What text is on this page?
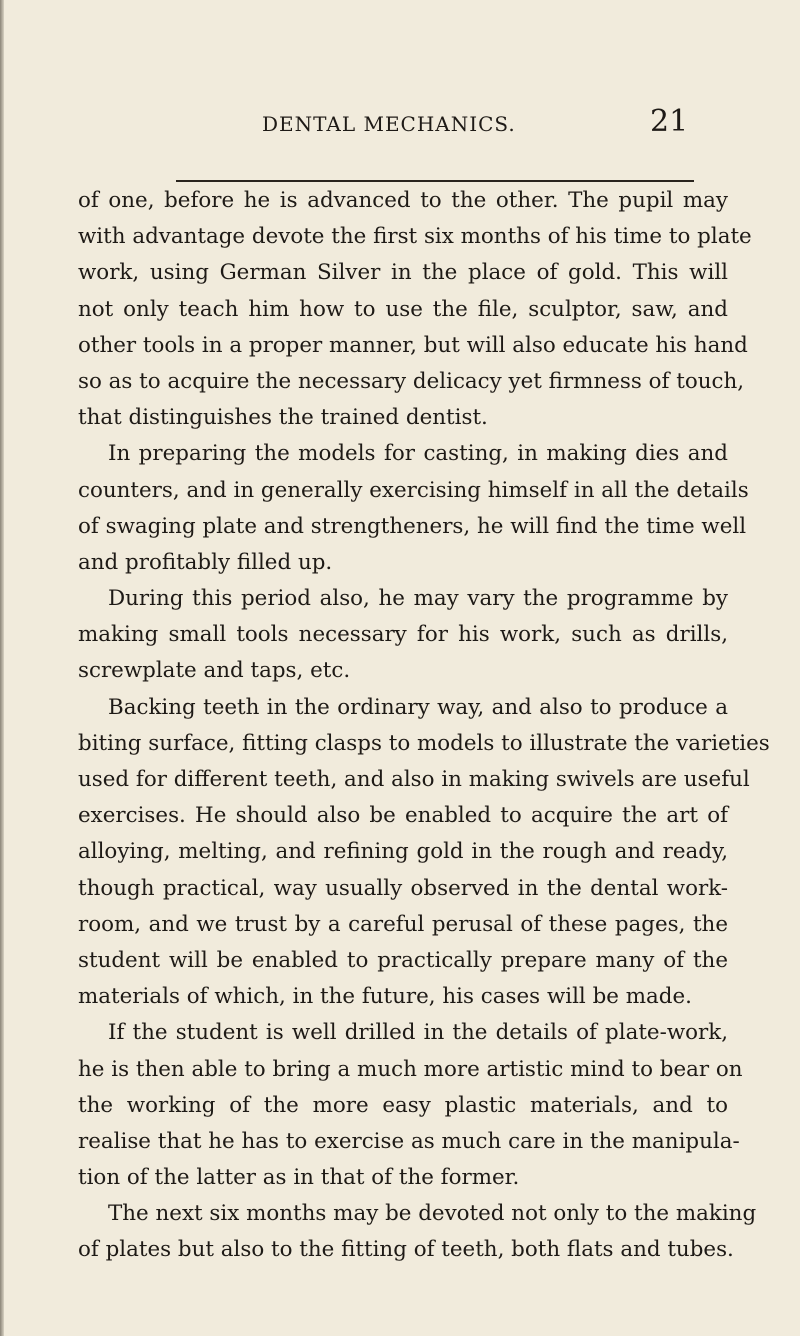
DENTAL MECHANICS.	21
of one, before he is advanced to the other. The pupil may
with advantage devote the first six months of his time to plate
work, using German Silver in the place of gold. This will
not only teach him how to use the file, sculptor, saw, and
other tools in a proper manner, but will also educate his hand
so as to acquire the necessary delicacy yet firmness of touch,
that distinguishes the trained dentist.
In preparing the models for casting, in making dies and
counters, and in generally exercising himself in all the details
of swaging plate and strengtheners, he will find the time well
and profitably filled up.
During this period also, he may vary the programme by
making small tools necessary for his work, such as drills,
screwplate and taps, etc.
Backing teeth in the ordinary way, and also to produce a
biting surface, fitting clasps to models to illustrate the varieties
used for different teeth, and also in making swivels are useful
exercises. He should also be enabled to acquire the art of
alloying, melting, and refining gold in the rough and ready,
though practical, way usually observed in the dental work-
room, and we trust by a careful perusal of these pages, the
student will be enabled to practically prepare many of the
materials of which, in the future, his cases will be made.
If the student is well drilled in the details of plate-work,
he is then able to bring a much more artistic mind to bear on
the working of the more easy plastic materials, and to
realise that he has to exercise as much care in the manipula-
tion of the latter as in that of the former.
The next six months may be devoted not only to the making
of plates but also to the fitting of teeth, both flats and tubes.
